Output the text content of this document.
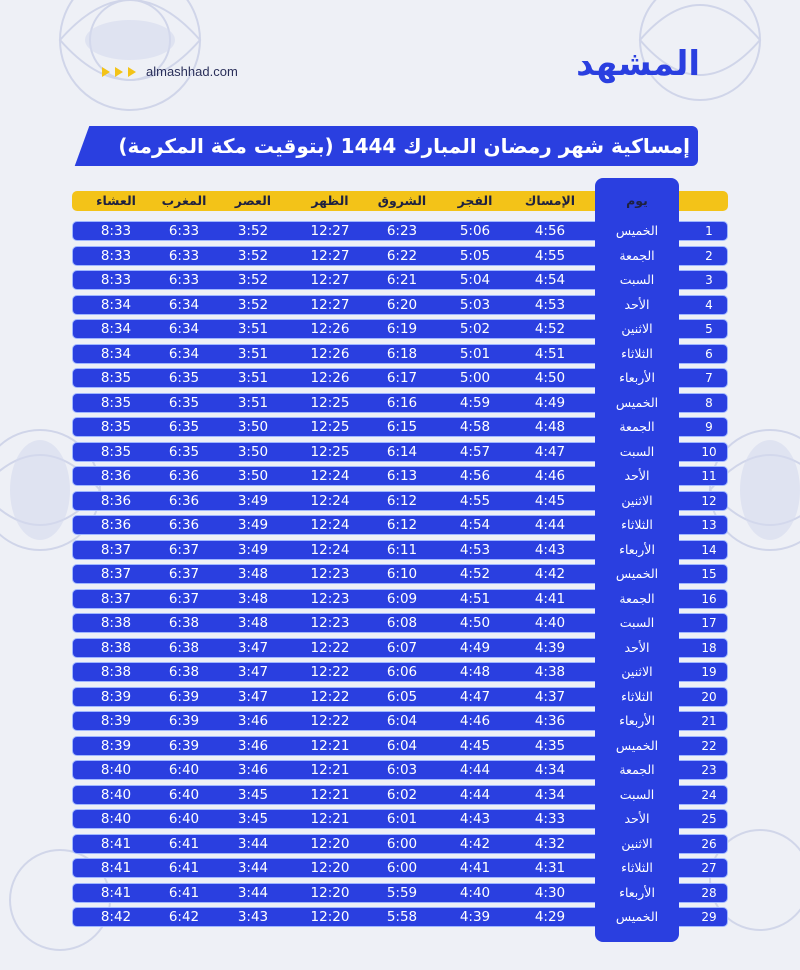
المشهد
almashhad.com
إمساكية شهر رمضان المبارك 1444 (بتوقيت مكة المكرمة)
يوم
الإمساك
الفجر
الشروق
الظهر
العصر
المغرب
العشاء
1
الخميس
4:56
5:06
6:23
12:27
3:52
6:33
8:33
2
الجمعة
4:55
5:05
6:22
12:27
3:52
6:33
8:33
3
السبت
4:54
5:04
6:21
12:27
3:52
6:33
8:33
4
الأحد
4:53
5:03
6:20
12:27
3:52
6:34
8:34
5
الاثنين
4:52
5:02
6:19
12:26
3:51
6:34
8:34
6
الثلاثاء
4:51
5:01
6:18
12:26
3:51
6:34
8:34
7
الأربعاء
4:50
5:00
6:17
12:26
3:51
6:35
8:35
8
الخميس
4:49
4:59
6:16
12:25
3:51
6:35
8:35
9
الجمعة
4:48
4:58
6:15
12:25
3:50
6:35
8:35
10
السبت
4:47
4:57
6:14
12:25
3:50
6:35
8:35
11
الأحد
4:46
4:56
6:13
12:24
3:50
6:36
8:36
12
الاثنين
4:45
4:55
6:12
12:24
3:49
6:36
8:36
13
الثلاثاء
4:44
4:54
6:12
12:24
3:49
6:36
8:36
14
الأربعاء
4:43
4:53
6:11
12:24
3:49
6:37
8:37
15
الخميس
4:42
4:52
6:10
12:23
3:48
6:37
8:37
16
الجمعة
4:41
4:51
6:09
12:23
3:48
6:37
8:37
17
السبت
4:40
4:50
6:08
12:23
3:48
6:38
8:38
18
الأحد
4:39
4:49
6:07
12:22
3:47
6:38
8:38
19
الاثنين
4:38
4:48
6:06
12:22
3:47
6:38
8:38
20
الثلاثاء
4:37
4:47
6:05
12:22
3:47
6:39
8:39
21
الأربعاء
4:36
4:46
6:04
12:22
3:46
6:39
8:39
22
الخميس
4:35
4:45
6:04
12:21
3:46
6:39
8:39
23
الجمعة
4:34
4:44
6:03
12:21
3:46
6:40
8:40
24
السبت
4:34
4:44
6:02
12:21
3:45
6:40
8:40
25
الأحد
4:33
4:43
6:01
12:21
3:45
6:40
8:40
26
الاثنين
4:32
4:42
6:00
12:20
3:44
6:41
8:41
27
الثلاثاء
4:31
4:41
6:00
12:20
3:44
6:41
8:41
28
الأربعاء
4:30
4:40
5:59
12:20
3:44
6:41
8:41
29
الخميس
4:29
4:39
5:58
12:20
3:43
6:42
8:42
